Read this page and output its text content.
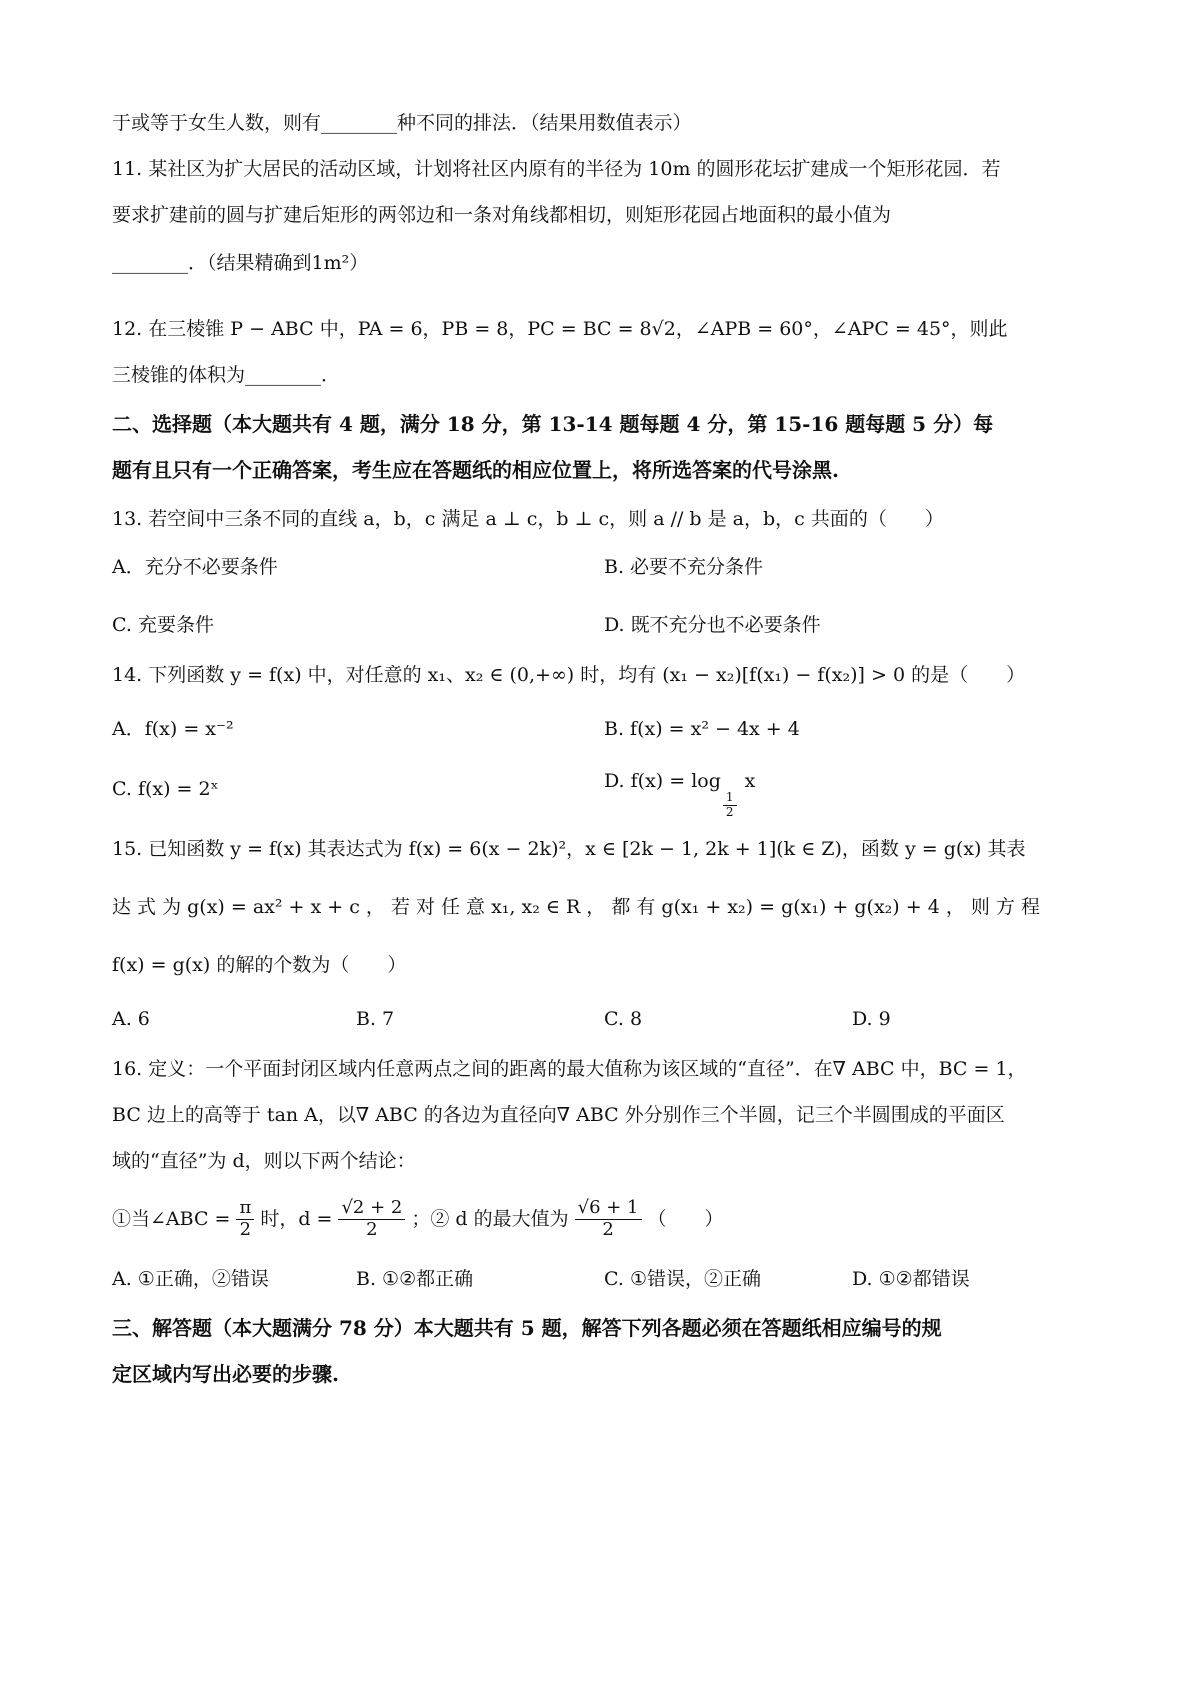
于或等于女生人数，则有________种不同的排法．（结果用数值表示）
11. 某社区为扩大居民的活动区域，计划将社区内原有的半径为 10m 的圆形花坛扩建成一个矩形花园．若
要求扩建前的圆与扩建后矩形的两邻边和一条对角线都相切，则矩形花园占地面积的最小值为
________．（结果精确到1m²）
12. 在三棱锥 P − ABC 中，PA = 6，PB = 8，PC = BC = 8√2，∠APB = 60°，∠APC = 45°，则此
三棱锥的体积为________．
二、选择题（本大题共有 4 题，满分 18 分，第 13-14 题每题 4 分，第 15-16 题每题 5 分）每
题有且只有一个正确答案，考生应在答题纸的相应位置上，将所选答案的代号涂黑.
13. 若空间中三条不同的直线 a，b，c 满足 a ⊥ c，b ⊥ c，则 a // b 是 a，b，c 共面的（　　）
A．充分不必要条件	B. 必要不充分条件
C. 充要条件	D. 既不充分也不必要条件
14. 下列函数 y = f(x) 中，对任意的 x₁、x₂ ∈ (0,+∞) 时，均有 (x₁ − x₂)[f(x₁) − f(x₂)] > 0 的是（　　）
A．f(x) = x⁻²	B. f(x) = x² − 4x + 4
C. f(x) = 2ˣ	D. f(x) = log
$\frac{1}{2}$
x
15. 已知函数 y = f(x) 其表达式为 f(x) = 6(x − 2k)²，x ∈ [2k − 1, 2k + 1](k ∈ Z)，函数 y = g(x) 其表
达 式 为 g(x) = ax² + x + c ， 若 对 任 意 x₁, x₂ ∈ R ， 都 有 g(x₁ + x₂) = g(x₁) + g(x₂) + 4 ， 则 方 程
f(x) = g(x) 的解的个数为（　　）
A. 6	B. 7	C. 8	D. 9
16. 定义：一个平面封闭区域内任意两点之间的距离的最大值称为该区域的“直径”．在∇ ABC 中，BC = 1，
BC 边上的高等于 tan A，以∇ ABC 的各边为直径向∇ ABC 外分别作三个半圆，记三个半圆围成的平面区
域的“直径”为 d，则以下两个结论：
①当∠ABC = $\frac{\pi}{2}$ 时，$d = \frac{√2 + 2}{2}$ ；② d 的最大值为 $\frac{√6 + 1}{2}$ （　　）
A. ①正确，②错误	B. ①②都正确	C. ①错误，②正确	D. ①②都错误
三、解答题（本大题满分 78 分）本大题共有 5 题，解答下列各题必须在答题纸相应编号的规
定区域内写出必要的步骤.
